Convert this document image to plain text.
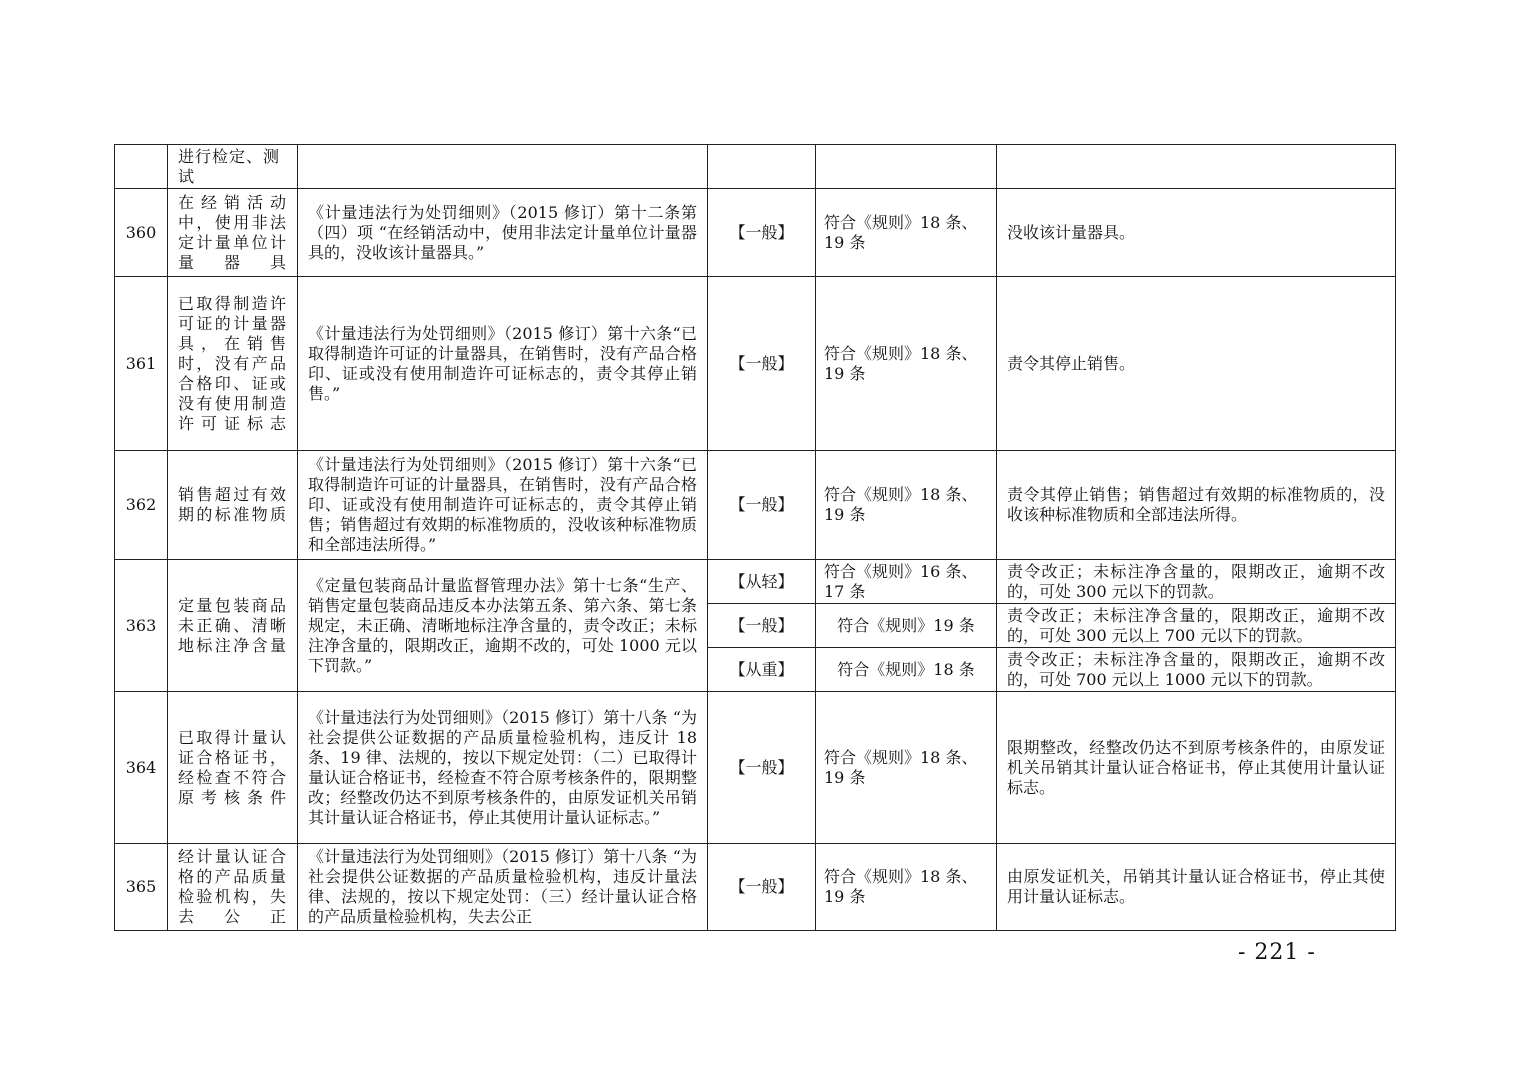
	进行检定、测试				
360	在经销活动中，使用非法定计量单位计量器具	《计量违法行为处罚细则》（2015 修订）第十二条第（四）项 “在经销活动中，使用非法定计量单位计量器具的，没收该计量器具。”	【一般】	符合《规则》18 条、19 条	没收该计量器具。
361	已取得制造许可证的计量器具，在销售时，没有产品合格印、证或没有使用制造许可证标志	《计量违法行为处罚细则》（2015 修订）第十六条“已取得制造许可证的计量器具，在销售时，没有产品合格印、证或没有使用制造许可证标志的，责令其停止销售。”	【一般】	符合《规则》18 条、19 条	责令其停止销售。
362	销售超过有效期的标准物质	《计量违法行为处罚细则》（2015 修订）第十六条“已取得制造许可证的计量器具，在销售时，没有产品合格印、证或没有使用制造许可证标志的，责令其停止销售；销售超过有效期的标准物质的，没收该种标准物质和全部违法所得。”	【一般】	符合《规则》18 条、19 条	责令其停止销售；销售超过有效期的标准物质的，没收该种标准物质和全部违法所得。
363	定量包装商品未正确、清晰地标注净含量	《定量包装商品计量监督管理办法》第十七条“生产、销售定量包装商品违反本办法第五条、第六条、第七条规定，未正确、清晰地标注净含量的，责令改正；未标注净含量的，限期改正，逾期不改的，可处 1000 元以下罚款。”	【从轻】	符合《规则》16 条、17 条	责令改正；未标注净含量的，限期改正，逾期不改的，可处 300 元以下的罚款。
			【一般】	符合《规则》19 条	责令改正；未标注净含量的，限期改正，逾期不改的，可处 300 元以上 700 元以下的罚款。
			【从重】	符合《规则》18 条	责令改正；未标注净含量的，限期改正，逾期不改的，可处 700 元以上 1000 元以下的罚款。
364	已取得计量认证合格证书，经检查不符合原考核条件	《计量违法行为处罚细则》（2015 修订）第十八条 “为社会提供公证数据的产品质量检验机构，违反计 18 条、19 律、法规的，按以下规定处罚：（二）已取得计量认证合格证书，经检查不符合原考核条件的，限期整改；经整改仍达不到原考核条件的，由原发证机关吊销其计量认证合格证书，停止其使用计量认证标志。”	【一般】	符合《规则》18 条、19 条	限期整改，经整改仍达不到原考核条件的，由原发证机关吊销其计量认证合格证书，停止其使用计量认证标志。
365	经计量认证合格的产品质量检验机构，失去公正	《计量违法行为处罚细则》（2015 修订）第十八条 “为社会提供公证数据的产品质量检验机构，违反计量法律、法规的，按以下规定处罚：（三）经计量认证合格的产品质量检验机构，失去公正	【一般】	符合《规则》18 条、19 条	由原发证机关，吊销其计量认证合格证书，停止其使用计量认证标志。
- 221 -
